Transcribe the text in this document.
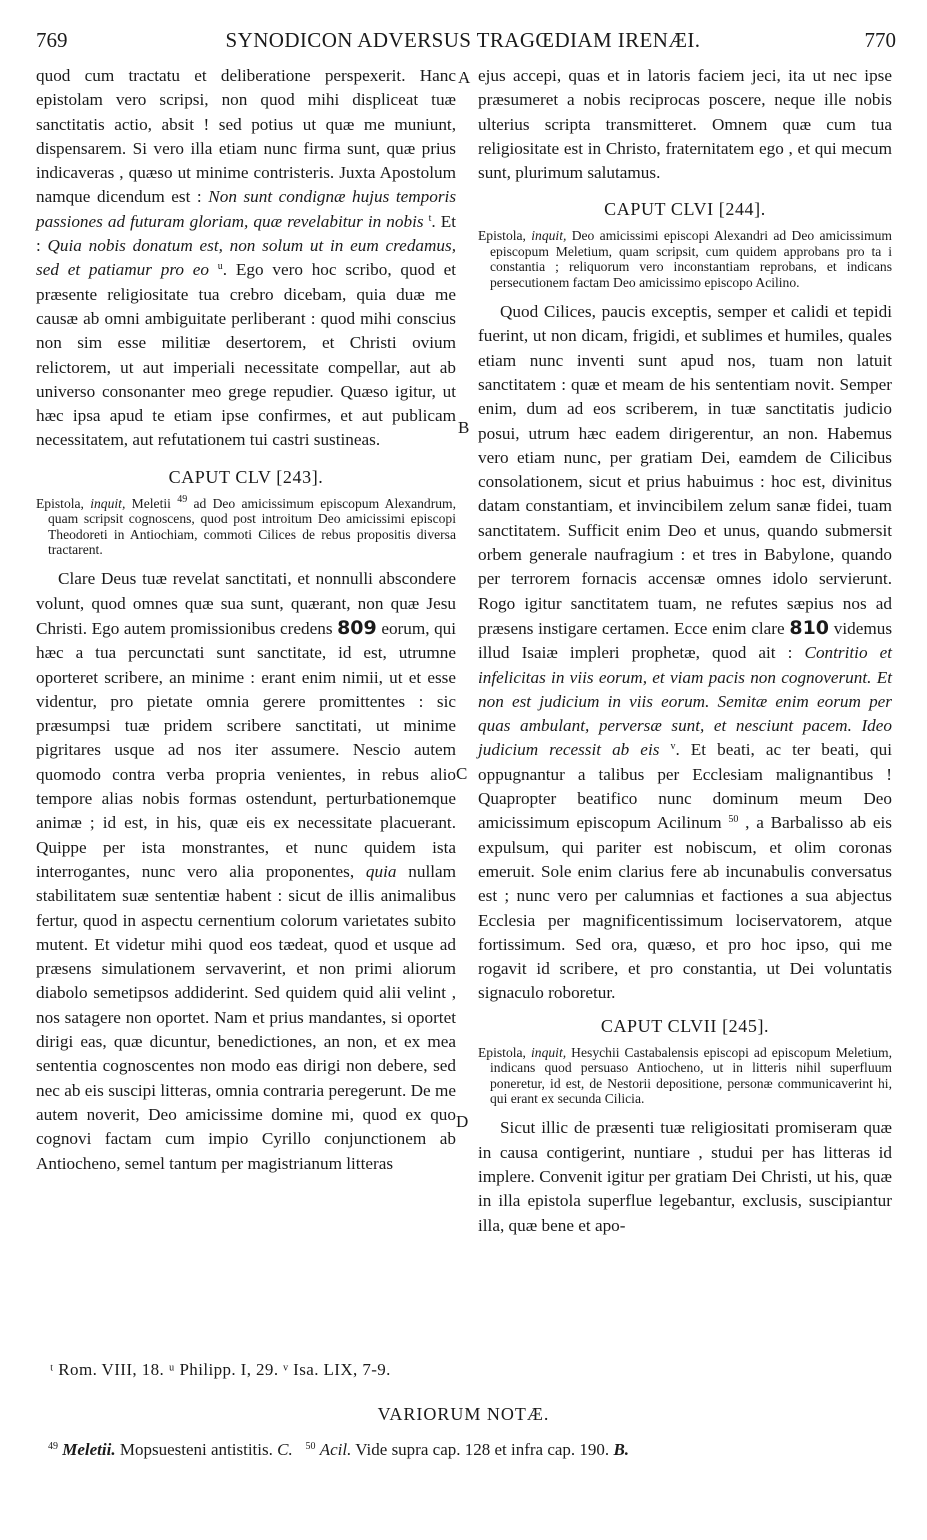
769	SYNODICON ADVERSUS TRAGŒDIAM IRENÆI.	770
A
B
C
D

quod cum tractatu et deliberatione perspexerit. Hanc epistolam vero scripsi, non quod mihi displiceat tuæ sanctitatis actio, absit ! sed potius ut quæ me muniunt, dispensarem. Si vero illa etiam nunc firma sunt, quæ prius indicaveras , quæso ut minime contristeris. Juxta Apostolum namque dicendum est : Non sunt condignæ hujus temporis passiones ad futuram gloriam, quæ revelabitur in nobis $^t$. Et : Quia nobis donatum est, non solum ut in eum credamus, sed et patiamur pro eo $^u$. Ego vero hoc scribo, quod et præsente religiositate tua crebro dicebam, quia duæ me causæ ab omni ambiguitate perliberant : quod mihi conscius non sim esse militiæ desertorem, et Christi ovium relictorem, ut aut imperiali necessitate compellar, aut ab universo consonanter meo grege repudier. Quæso igitur, ut hæc ipsa apud te etiam ipse confirmes, et aut publicam necessitatem, aut refutationem tui castri sustineas.

CAPUT CLV [243].

Epistola, inquit, Meletii $^{49}$ ad Deo amicissimum episcopum Alexandrum, quam scripsit cognoscens, quod post introitum Deo amicissimi episcopi Theodoreti in Antiochiam, commoti Cilices de rebus propositis diversa tractarent.

Clare Deus tuæ revelat sanctitati, et nonnulli abscondere volunt, quod omnes quæ sua sunt, quærant, non quæ Jesu Christi. Ego autem promissionibus credens 809 eorum, qui hæc a tua percunctati sunt sanctitate, id est, utrumne oporteret scribere, an minime : erant enim nimii, ut et esse videntur, pro pietate omnia gerere promittentes : sic præsumpsi tuæ pridem scribere sanctitati, ut minime pigritares usque ad nos iter assumere. Nescio autem quomodo contra verba propria venientes, in rebus alio tempore alias nobis formas ostendunt, perturbationemque animæ ; id est, in his, quæ eis ex necessitate placuerant. Quippe per ista monstrantes, et nunc quidem ista interrogantes, nunc vero alia proponentes, quia nullam stabilitatem suæ sententiæ habent : sicut de illis animalibus fertur, quod in aspectu cernentium colorum varietates subito mutent. Et videtur mihi quod eos tædeat, quod et usque ad præsens simulationem servaverint, et non primi aliorum diabolo semetipsos addiderint. Sed quidem quid alii velint , nos satagere non oportet. Nam et prius mandantes, si oportet dirigi eas, quæ dicuntur, benedictiones, an non, et ex mea sententia cognoscentes non modo eas dirigi non debere, sed nec ab eis suscipi litteras, omnia contraria peregerunt. De me autem noverit, Deo amicissime domine mi, quod ex quo cognovi factam cum impio Cyrillo conjunctionem ab Antiocheno, semel tantum per magistrianum litteras

ejus accepi, quas et in latoris faciem jeci, ita ut nec ipse præsumeret a nobis reciprocas poscere, neque ille nobis ulterius scripta transmitteret. Omnem quæ cum tua religiositate est in Christo, fraternitatem ego , et qui mecum sunt, plurimum salutamus.

CAPUT CLVI [244].

Epistola, inquit, Deo amicissimi episcopi Alexandri ad Deo amicissimum episcopum Meletium, quam scripsit, cum quidem approbans pro ta i constantia ; reliquorum vero inconstantiam reprobans, et indicans persecutionem factam Deo amicissimo episcopo Acilino.

Quod Cilices, paucis exceptis, semper et calidi et tepidi fuerint, ut non dicam, frigidi, et sublimes et humiles, quales etiam nunc inventi sunt apud nos, tuam non latuit sanctitatem : quæ et meam de his sententiam novit. Semper enim, dum ad eos scriberem, in tuæ sanctitatis judicio posui, utrum hæc eadem dirigerentur, an non. Habemus vero etiam nunc, per gratiam Dei, eamdem de Cilicibus consolationem, sicut et prius habuimus : hoc est, divinitus datam constantiam, et invincibilem zelum sanæ fidei, tuam sanctitatem. Sufficit enim Deo et unus, quando submersit orbem generale naufragium : et tres in Babylone, quando per terrorem fornacis accensæ omnes idolo servierunt. Rogo igitur sanctitatem tuam, ne refutes sæpius nos ad præsens instigare certamen. Ecce enim clare 810 videmus illud Isaiæ impleri prophetæ, quod ait : Contritio et infelicitas in viis eorum, et viam pacis non cognoverunt. Et non est judicium in viis eorum. Semitæ enim eorum per quas ambulant, perversæ sunt, et nesciunt pacem. Ideo judicium recessit ab eis $^v$. Et beati, ac ter beati, qui oppugnantur a talibus per Ecclesiam malignantibus ! Quapropter beatifico nunc dominum meum Deo amicissimum episcopum Acilinum $^{50}$ , a Barbalisso ab eis expulsum, qui pariter est nobiscum, et olim coronas emeruit. Sole enim clarius fere ab incunabulis conversatus est ; nunc vero per calumnias et factiones a sua abjectus Ecclesia per magnificentissimum lociservatorem, atque fortissimum. Sed ora, quæso, et pro hoc ipso, qui me rogavit id scribere, et pro constantia, ut Dei voluntatis signaculo roboretur.

CAPUT CLVII [245].

Epistola, inquit, Hesychii Castabalensis episcopi ad episcopum Meletium, indicans quod persuaso Antiocheno, ut in litteris nihil superfluum poneretur, id est, de Nestorii depositione, personæ communicaverint hi, qui erant ex secunda Cilicia.

Sicut illic de præsenti tuæ religiositati promiseram quæ in causa contigerint, nuntiare , studui per has litteras id implere. Convenit igitur per gratiam Dei Christi, ut his, quæ in illa epistola superflue legebantur, exclusis, suscipiantur illa, quæ bene et apo-

ᵗ Rom. VIII, 18. ᵘ Philipp. I, 29. ᵛ Isa. LIX, 7-9.
VARIORUM NOTÆ.
$^{49}$ Meletii. Mopsuesteni antistitis. C. $^{50}$ Acil. Vide supra cap. 128 et infra cap. 190. B.
